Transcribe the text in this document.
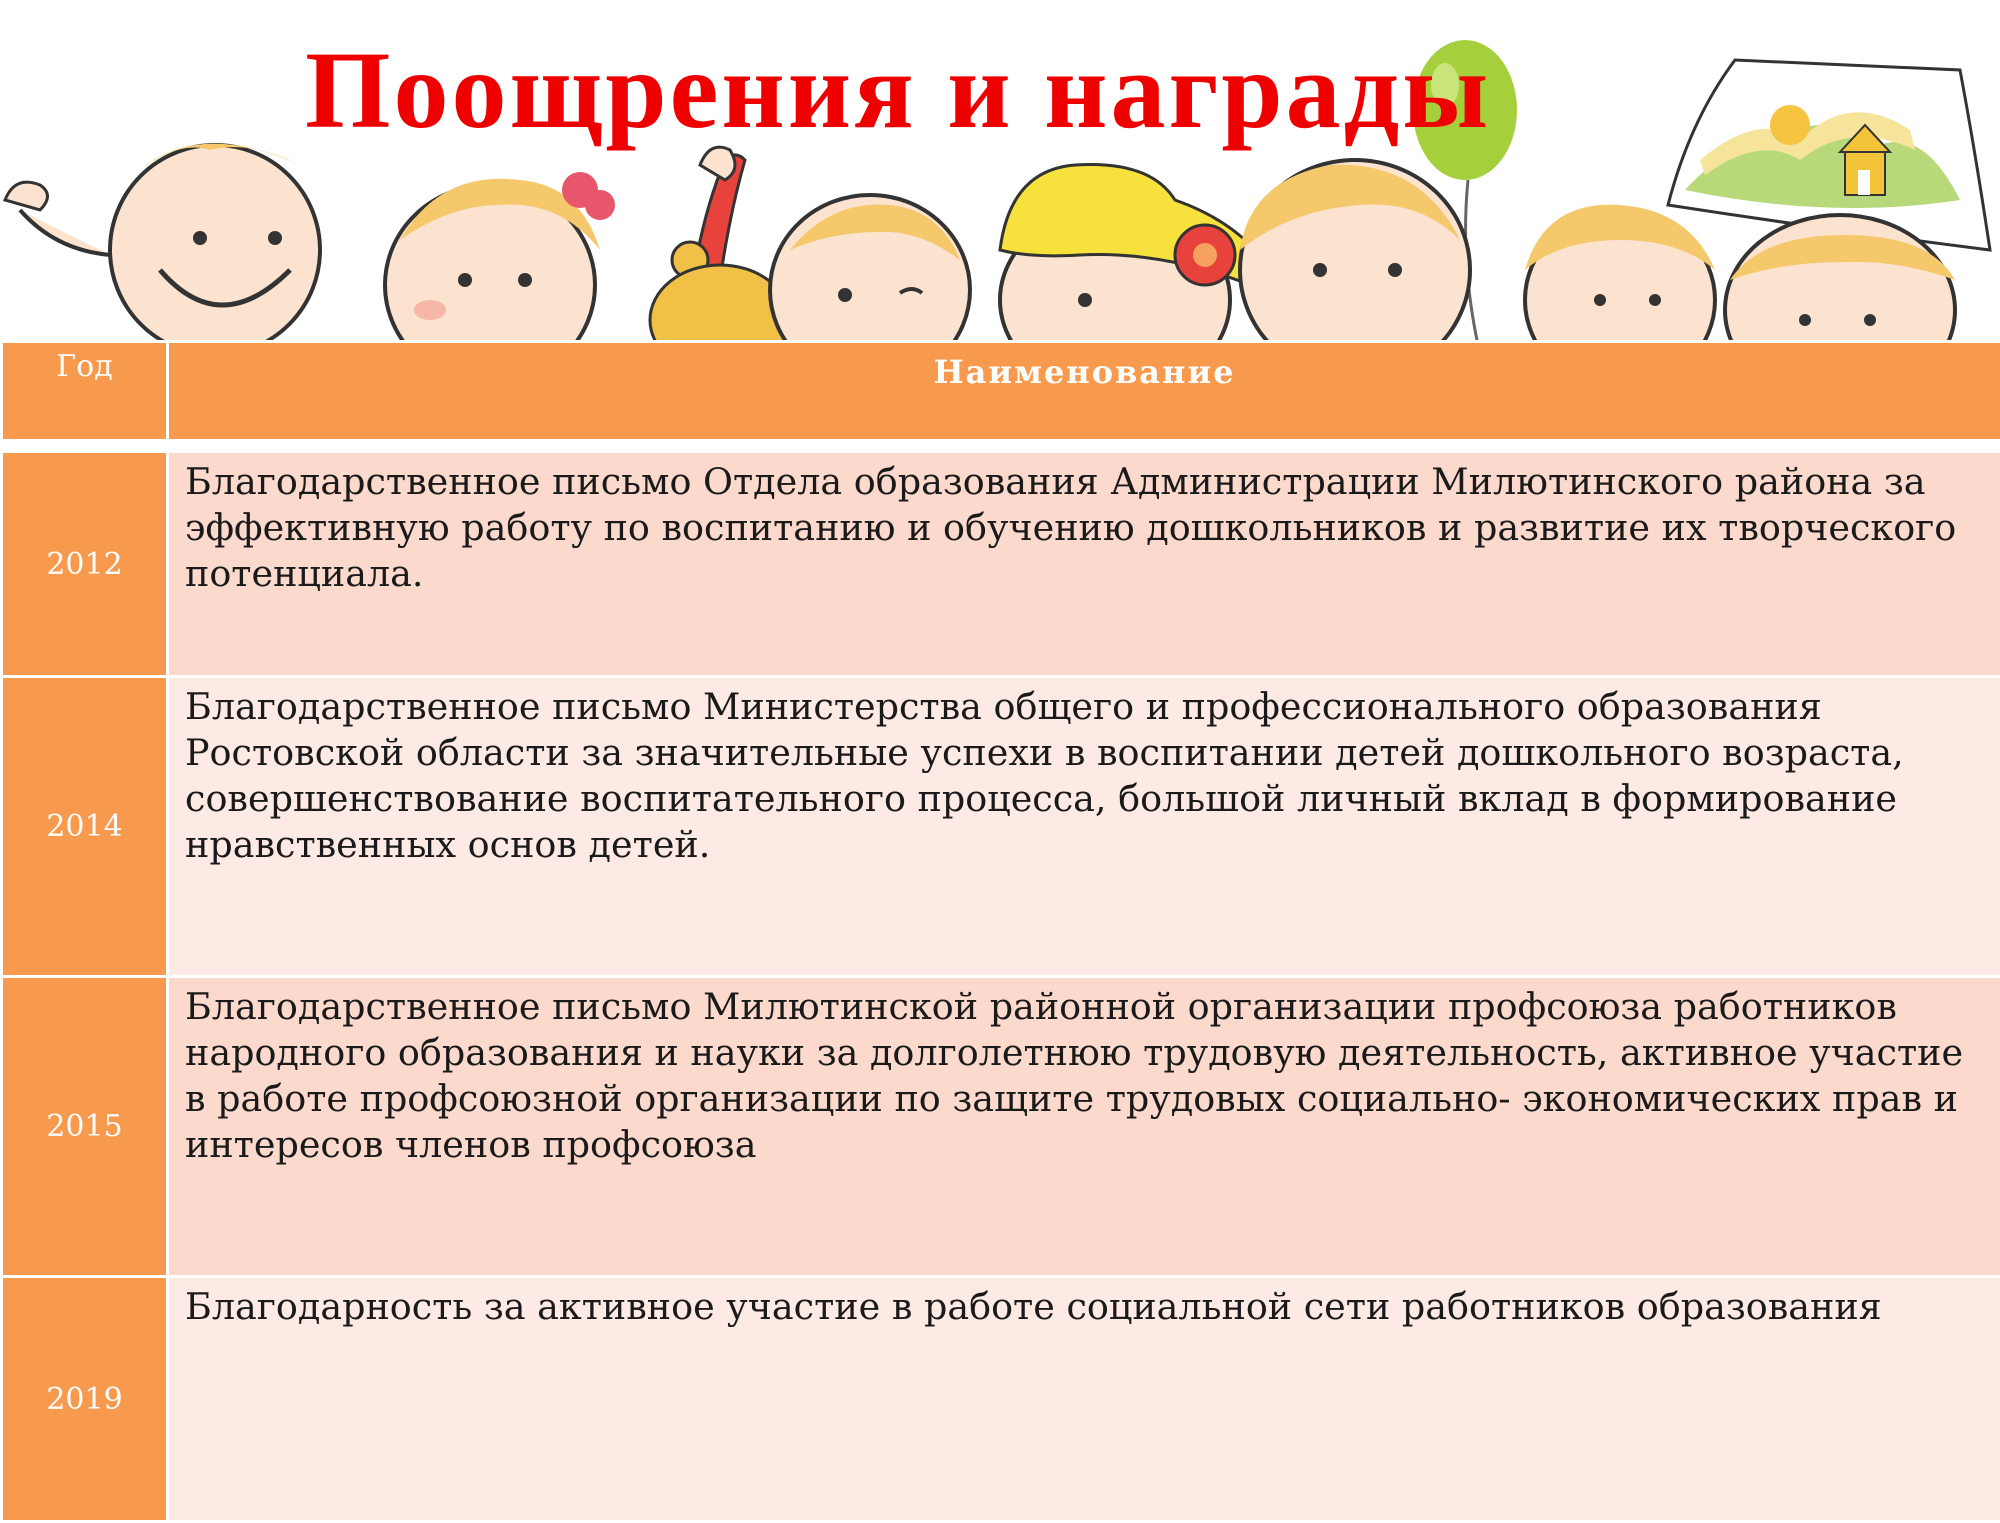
Поощрения и награды
Год	Наименование

2012	Благодарственное письмо Отдела образования Администрации Милютинского района за эффективную работу по воспитанию и обучению дошкольников и развитие их творческого потенциала.
2014	Благодарственное письмо Министерства общего и профессионального образования Ростовской области за значительные успехи в воспитании детей дошкольного возраста, совершенствование воспитательного процесса, большой личный вклад в формирование нравственных основ детей.
2015	Благодарственное письмо Милютинской районной организации профсоюза работников народного образования и науки за долголетнюю трудовую деятельность, активное участие в работе профсоюзной организации по защите трудовых социально- экономических прав и интересов членов профсоюза
2019	Благодарность за активное участие в работе социальной сети работников образования
